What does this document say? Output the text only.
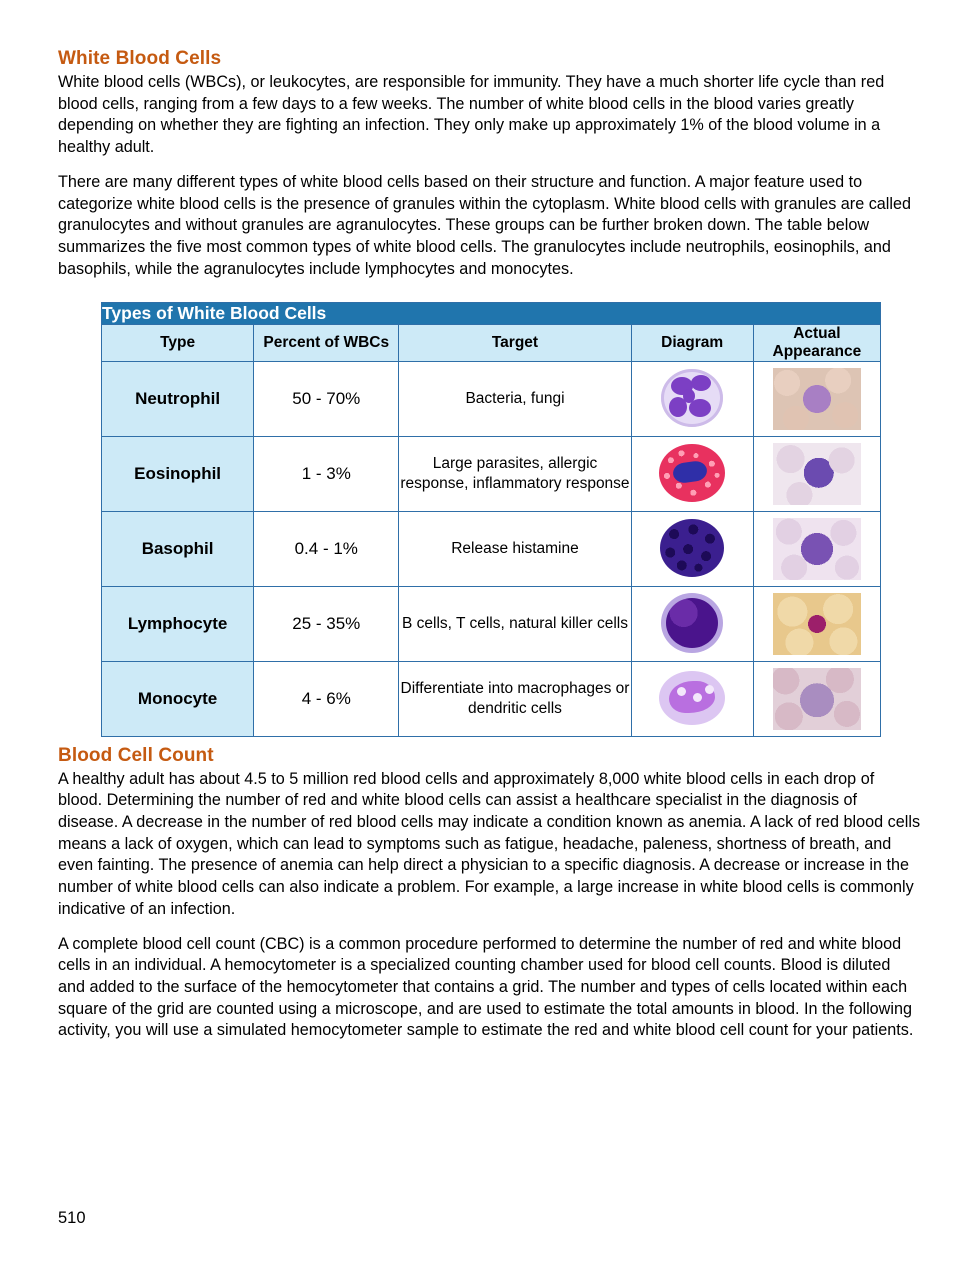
White Blood Cells

White blood cells (WBCs), or leukocytes, are responsible for immunity. They have a much shorter life cycle than red blood cells, ranging from a few days to a few weeks. The number of white blood cells in the blood varies greatly depending on whether they are fighting an infection. They only make up approximately 1% of the blood volume in a healthy adult.

There are many different types of white blood cells based on their structure and function. A major feature used to categorize white blood cells is the presence of granules within the cytoplasm. White blood cells with granules are called granulocytes and without granules are agranulocytes. These groups can be further broken down. The table below summarizes the five most common types of white blood cells. The granulocytes include neutrophils, eosinophils, and basophils, while the agranulocytes include lymphocytes and monocytes.

Types of White Blood Cells				
Type	Percent of WBCs	Target	Diagram	Actual Appearance
Neutrophil	50 - 70%	Bacteria, fungi	

Eosinophil	1 - 3%	Large parasites, allergic response, inflammatory response	

Basophil	0.4 - 1%	Release histamine	

Lymphocyte	25 - 35%	B cells, T cells, natural killer cells	

Monocyte	4 - 6%	Differentiate into macrophages or dendritic cells	

Blood Cell Count

A healthy adult has about 4.5 to 5 million red blood cells and approximately 8,000 white blood cells in each drop of blood. Determining the number of red and white blood cells can assist a healthcare specialist in the diagnosis of disease. A decrease in the number of red blood cells may indicate a condition known as anemia. A lack of red blood cells means a lack of oxygen, which can lead to symptoms such as fatigue, headache, paleness, shortness of breath, and even fainting. The presence of anemia can help direct a physician to a specific diagnosis. A decrease or increase in the number of white blood cells can also indicate a problem. For example, a large increase in white blood cells is commonly indicative of an infection.

A complete blood cell count (CBC) is a common procedure performed to determine the number of red and white blood cells in an individual. A hemocytometer is a specialized counting chamber used for blood cell counts. Blood is diluted and added to the surface of the hemocytometer that contains a grid. The number and types of cells located within each square of the grid are counted using a microscope, and are used to estimate the total amounts in blood. In the following activity, you will use a simulated hemocytometer sample to estimate the red and white blood cell count for your patients.

510
